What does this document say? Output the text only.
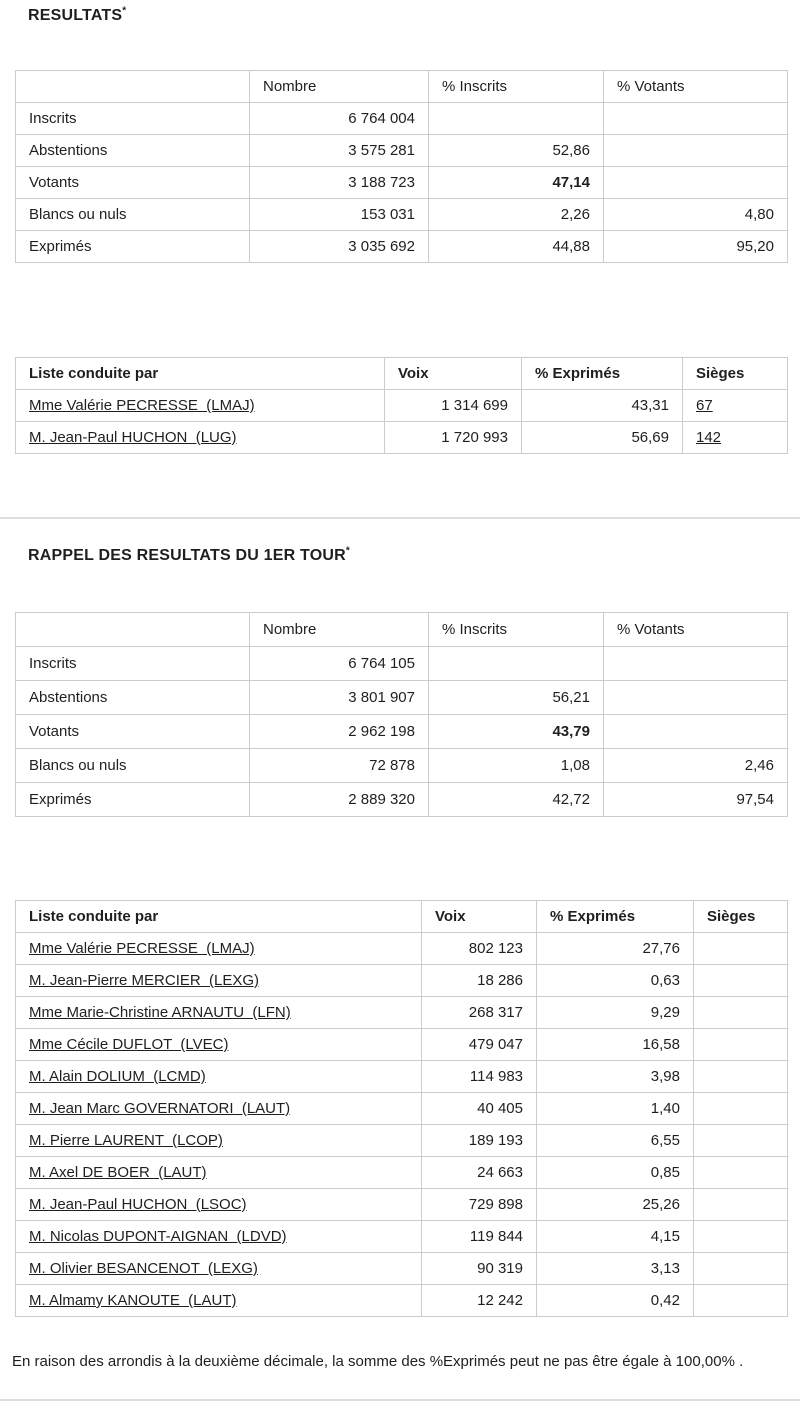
RESULTATS*
	Nombre	% Inscrits	% Votants
Inscrits	6 764 004		
Abstentions	3 575 281	52,86	
Votants	3 188 723	47,14	
Blancs ou nuls	153 031	2,26	4,80
Exprimés	3 035 692	44,88	95,20
Liste conduite par	Voix	% Exprimés	Sièges
Mme Valérie PECRESSE  (LMAJ)	1 314 699	43,31	67
M. Jean-Paul HUCHON  (LUG)	1 720 993	56,69	142
RAPPEL DES RESULTATS DU 1ER TOUR*
	Nombre	% Inscrits	% Votants
Inscrits	6 764 105		
Abstentions	3 801 907	56,21	
Votants	2 962 198	43,79	
Blancs ou nuls	72 878	1,08	2,46
Exprimés	2 889 320	42,72	97,54
Liste conduite par	Voix	% Exprimés	Sièges
Mme Valérie PECRESSE  (LMAJ)	802 123	27,76	
M. Jean-Pierre MERCIER  (LEXG)	18 286	0,63	
Mme Marie-Christine ARNAUTU  (LFN)	268 317	9,29	
Mme Cécile DUFLOT  (LVEC)	479 047	16,58	
M. Alain DOLIUM  (LCMD)	114 983	3,98	
M. Jean Marc GOVERNATORI  (LAUT)	40 405	1,40	
M. Pierre LAURENT  (LCOP)	189 193	6,55	
M. Axel DE BOER  (LAUT)	24 663	0,85	
M. Jean-Paul HUCHON  (LSOC)	729 898	25,26	
M. Nicolas DUPONT-AIGNAN  (LDVD)	119 844	4,15	
M. Olivier BESANCENOT  (LEXG)	90 319	3,13	
M. Almamy KANOUTE  (LAUT)	12 242	0,42	

En raison des arrondis à la deuxième décimale, la somme des %Exprimés peut ne pas être égale à 100,00% .
